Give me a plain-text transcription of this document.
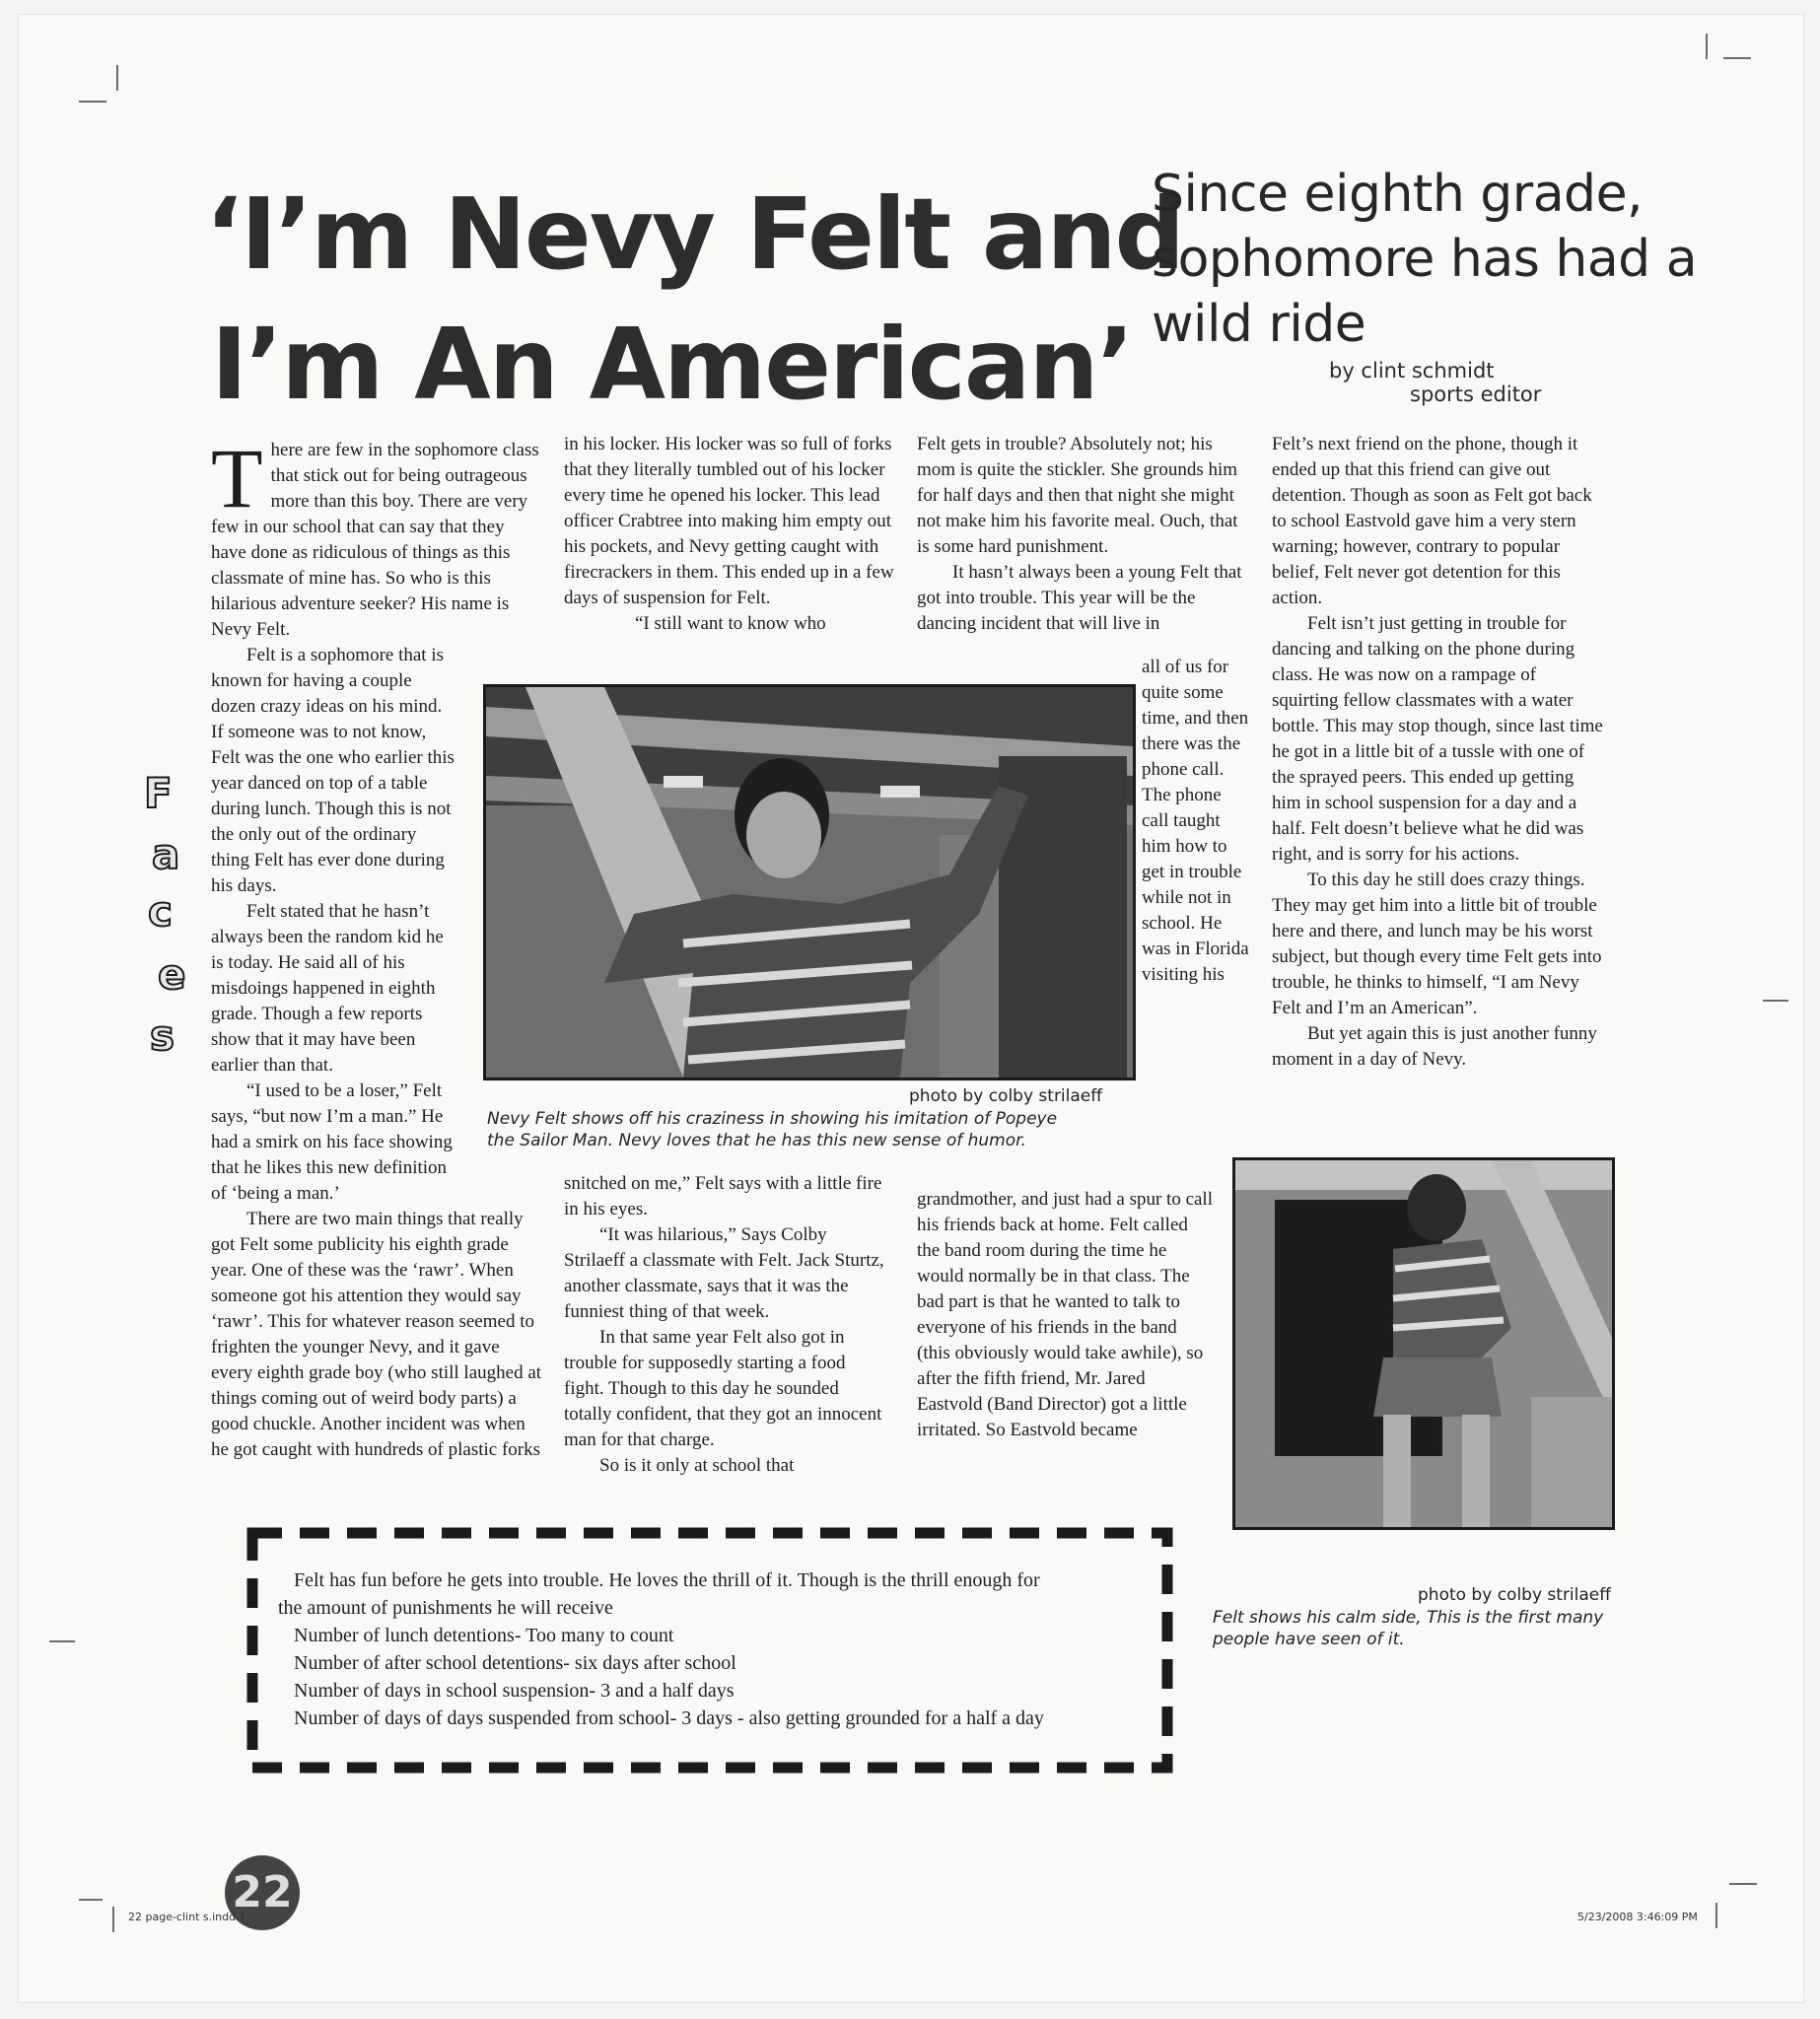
‘I’m Nevy Felt and
I’m An American’
Since eighth grade, sophomore has had a wild ride
by clint schmidt
sports editor
F
a
c
e
s

There are few in the sophomore class that stick out for being outrageous more than this boy. There are very few in our school that can say that they have done as ridiculous of things as this classmate of mine has. So who is this hilarious adventure seeker? His name is Nevy Felt.

Felt is a sophomore that is known for having a couple dozen crazy ideas on his mind. If someone was to not know, Felt was the one who earlier this year danced on top of a table during lunch. Though this is not the only out of the ordinary thing Felt has ever done during his days.

Felt stated that he hasn’t always been the random kid he is today. He said all of his misdoings happened in eighth grade. Though a few reports show that it may have been earlier than that.

“I used to be a loser,” Felt says, “but now I’m a man.” He had a smirk on his face showing that he likes this new definition of ‘being a man.’

There are two main things that really got Felt some publicity his eighth grade year. One of these was the ‘rawr’. When someone got his attention they would say ‘rawr’. This for whatever reason seemed to frighten the younger Nevy, and it gave every eighth grade boy (who still laughed at things coming out of weird body parts) a good chuckle. Another incident was when he got caught with hundreds of plastic forks

in his locker. His locker was so full of forks that they literally tumbled out of his locker every time he opened his locker. This lead officer Crabtree into making him empty out his pockets, and Nevy getting caught with firecrackers in them. This ended up in a few days of suspension for Felt.

“I still want to know who

Felt gets in trouble? Absolutely not; his mom is quite the stickler. She grounds him for half days and then that night she might not make him his favorite meal. Ouch, that is some hard punishment.

It hasn’t always been a young Felt that got into trouble. This year will be the dancing incident that will live in

all of us for quite some time, and then there was the phone call. The phone call taught him how to get in trouble while not in school. He was in Florida visiting his

Felt’s next friend on the phone, though it ended up that this friend can give out detention. Though as soon as Felt got back to school Eastvold gave him a very stern warning; however, contrary to popular belief, Felt never got detention for this action.

Felt isn’t just getting in trouble for dancing and talking on the phone during class. He was now on a rampage of squirting fellow classmates with a water bottle. This may stop though, since last time he got in a little bit of a tussle with one of the sprayed peers. This ended up getting him in school suspension for a day and a half. Felt doesn’t believe what he did was right, and is sorry for his actions.

To this day he still does crazy things. They may get him into a little bit of trouble here and there, and lunch may be his worst subject, but though every time Felt gets into trouble, he thinks to himself, “I am Nevy Felt and I’m an American”.

But yet again this is just another funny moment in a day of Nevy.

photo by colby strilaeff
Nevy Felt shows off his craziness in showing his imitation of Popeye the Sailor Man. Nevy loves that he has this new sense of humor.

snitched on me,” Felt says with a little fire in his eyes.

“It was hilarious,” Says Colby Strilaeff a classmate with Felt. Jack Sturtz, another classmate, says that it was the funniest thing of that week.

In that same year Felt also got in trouble for supposedly starting a food fight. Though to this day he sounded totally confident, that they got an innocent man for that charge.

So is it only at school that

grandmother, and just had a spur to call his friends back at home. Felt called the band room during the time he would normally be in that class. The bad part is that he wanted to talk to everyone of his friends in the band (this obviously would take awhile), so after the fifth friend, Mr. Jared Eastvold (Band Director) got a little irritated. So Eastvold became

photo by colby strilaeff
Felt shows his calm side, This is the first many people have seen of it.
Felt has fun before he gets into trouble. He loves the thrill of it. Though is the thrill enough for
the amount of punishments he will receive
Number of lunch detentions- Too many to count
Number of after school detentions- six days after school
Number of days in school suspension- 3 and a half days
Number of days of days suspended from school- 3 days - also getting grounded for a half a day
22
22 page-clint s.indd 1	5/23/2008 3:46:09 PM
